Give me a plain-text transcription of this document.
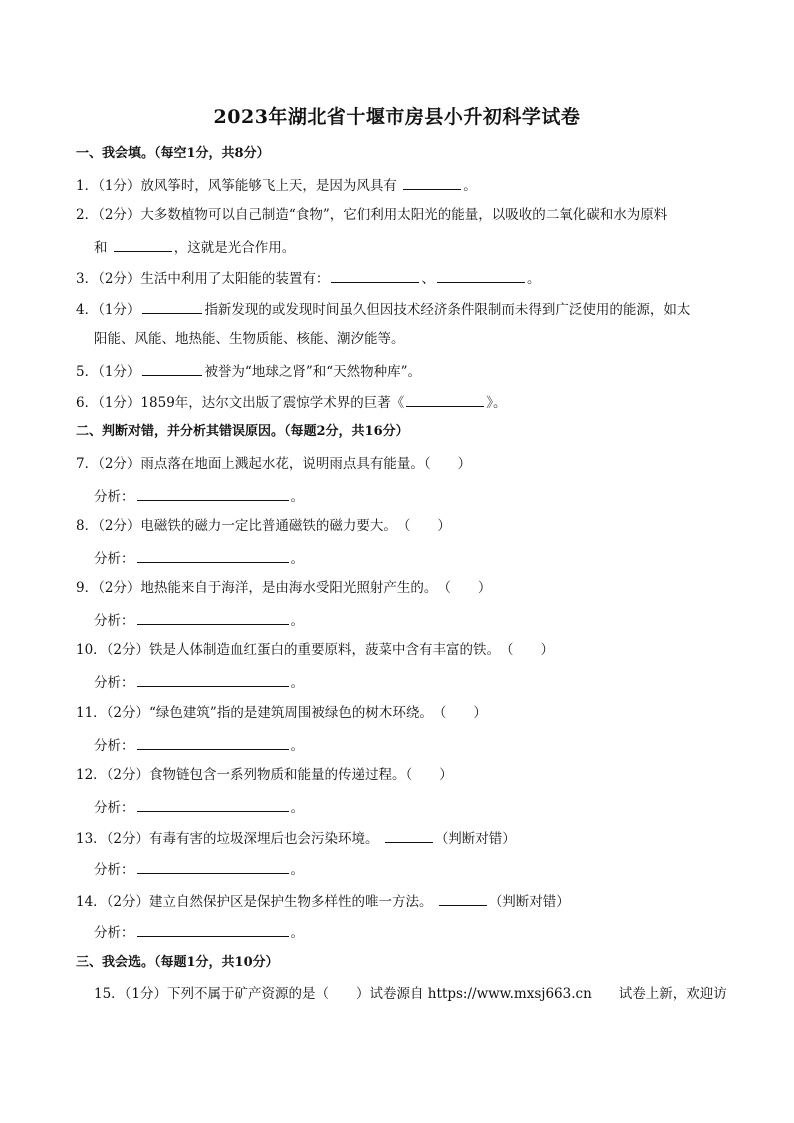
2023年湖北省十堰市房县小升初科学试卷
一、我会填。（每空1分，共8分）
1．（1分）放风筝时，风筝能够飞上天，是因为风具有	。
2．（2分）大多数植物可以自己制造“食物”，它们利用太阳光的能量，以吸收的二氧化碳和水为原料
和	，这就是光合作用。
3．（2分）生活中利用了太阳能的装置有：	、	。
4．（1分）	指新发现的或发现时间虽久但因技术经济条件限制而未得到广泛使用的能源，如太
阳能、风能、地热能、生物质能、核能、潮汐能等。
5．（1分）	被誉为“地球之肾”和“天然物种库”。
6．（1分）1859年，达尔文出版了震惊学术界的巨著《	》。
二、判断对错，并分析其错误原因。（每题2分，共16分）
7．（2分）雨点落在地面上溅起水花，说明雨点具有能量。（　　）
分析：	。
8．（2分）电磁铁的磁力一定比普通磁铁的磁力要大。　（　　）
分析：	。
9．（2分）地热能来自于海洋，是由海水受阳光照射产生的。　（　　）
分析：	。
10．（2分）铁是人体制造血红蛋白的重要原料，菠菜中含有丰富的铁。　（　　）
分析：	。
11．（2分）“绿色建筑”指的是建筑周围被绿色的树木环绕。　（　　）
分析：	。
12．（2分）食物链包含一系列物质和能量的传递过程。（　　）
分析：	。
13．（2分）有毒有害的垃圾深埋后也会污染环境。	（判断对错）
分析：	。
14．（2分）建立自然保护区是保护生物多样性的唯一方法。	（判断对错）
分析：	。
三、我会选。（每题1分，共10分）
15．（1分）下列不属于矿产资源的是（　　）试卷源自 https://www.mxsj663.cn　　试卷上新，欢迎访
